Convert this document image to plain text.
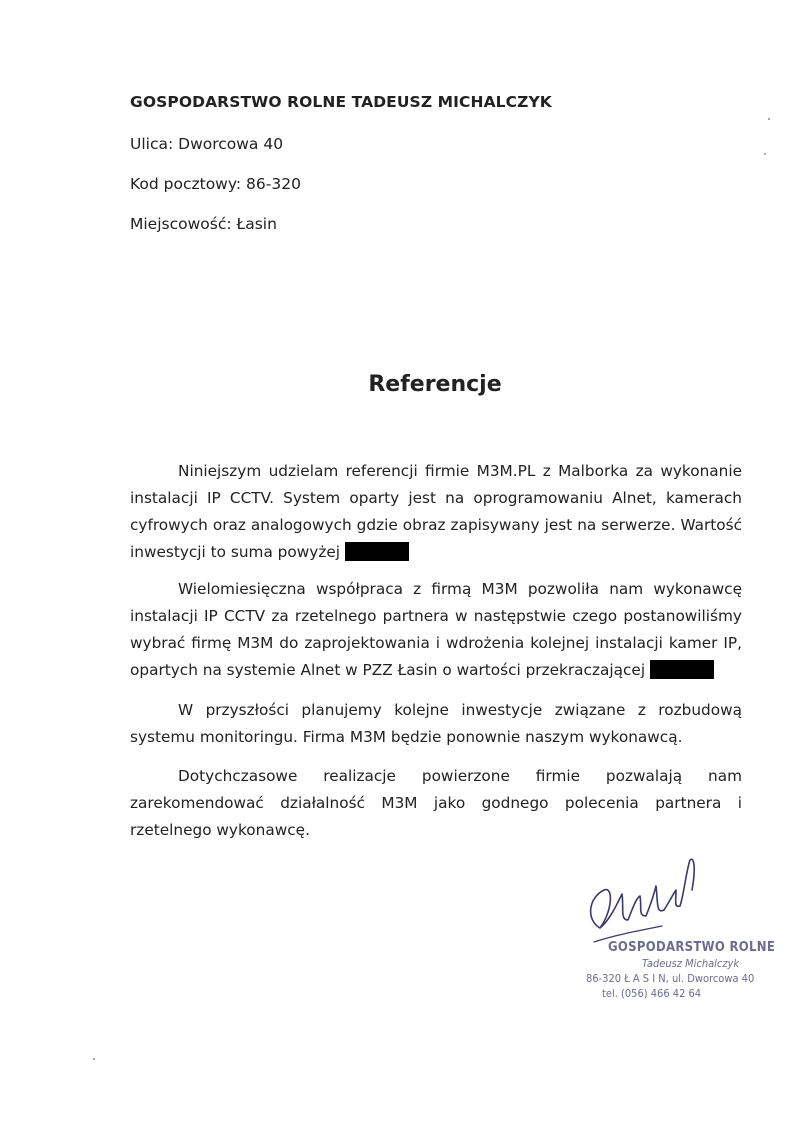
GOSPODARSTWO ROLNE TADEUSZ MICHALCZYK
Ulica: Dworcowa 40
Kod pocztowy: 86-320
Miejscowość: Łasin
Referencje
Niniejszym udzielam referencji firmie M3M.PL z Malborka za wykonanie instalacji IP CCTV. System oparty jest na oprogramowaniu Alnet, kamerach cyfrowych oraz analogowych gdzie obraz zapisywany jest na serwerze. Wartość inwestycji to suma powyżej
Wielomiesięczna współpraca z firmą M3M pozwoliła nam wykonawcę instalacji IP CCTV za rzetelnego partnera w następstwie czego postanowiliśmy wybrać firmę M3M do zaprojektowania i wdrożenia kolejnej instalacji kamer IP, opartych na systemie Alnet w PZZ Łasin o wartości przekraczającej
W przyszłości planujemy kolejne inwestycje związane z rozbudową systemu monitoringu. Firma M3M będzie ponownie naszym wykonawcą.
Dotychczasowe realizacje powierzone firmie pozwalają nam zarekomendować działalność M3M jako godnego polecenia partnera i rzetelnego wykonawcę.
GOSPODARSTWO ROLNE
Tadeusz Michalczyk
86-320 Ł A S I N, ul. Dworcowa 40
tel. (056) 466 42 64
